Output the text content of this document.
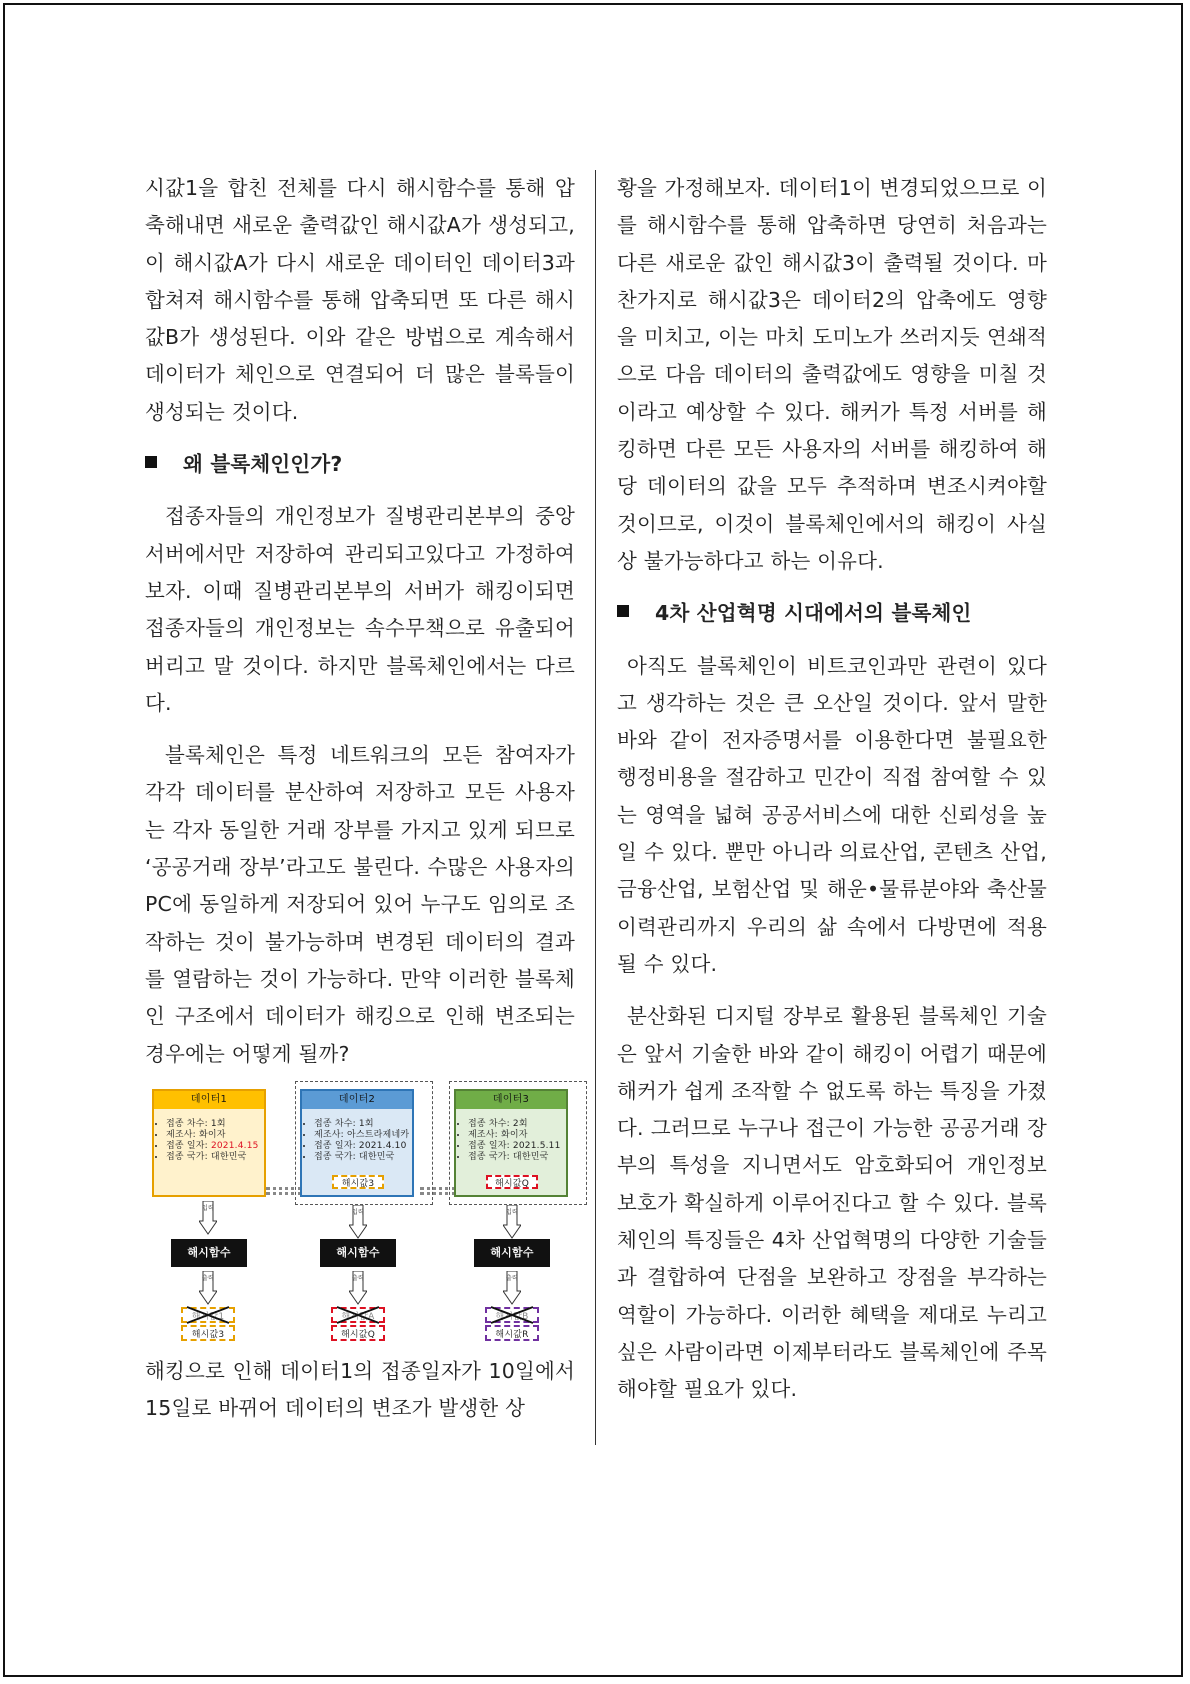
시값1을 합친 전체를 다시 해시함수를 통해 압축해내면 새로운 출력값인 해시값A가 생성되고, 이 해시값A가 다시 새로운 데이터인 데이터3과 합쳐져 해시함수를 통해 압축되면 또 다른 해시값B가 생성된다. 이와 같은 방법으로 계속해서 데이터가 체인으로 연결되어 더 많은 블록들이 생성되는 것이다.

왜 블록체인인가?

접종자들의 개인정보가 질병관리본부의 중앙 서버에서만 저장하여 관리되고있다고 가정하여 보자. 이때 질병관리본부의 서버가 해킹이되면 접종자들의 개인정보는 속수무책으로 유출되어 버리고 말 것이다. 하지만 블록체인에서는 다르다.

블록체인은 특정 네트워크의 모든 참여자가 각각 데이터를 분산하여 저장하고 모든 사용자는 각자 동일한 거래 장부를 가지고 있게 되므로 ‘공공거래 장부’라고도 불린다. 수많은 사용자의 PC에 동일하게 저장되어 있어 누구도 임의로 조작하는 것이 불가능하며 변경된 데이터의 결과를 열람하는 것이 가능하다. 만약 이러한 블록체인 구조에서 데이터가 해킹으로 인해 변조되는 경우에는 어떻게 될까?

데이터1
• 접종 차수: 1회
• 제조사: 화이자
• 접종 일자: 2021.4.15
• 접종 국가: 대한민국
데이터2
• 접종 차수: 1회
• 제조사: 아스트라제네카
• 접종 일자: 2021.4.10
• 접종 국가: 대한민국
해시값3
데이터3
• 접종 차수: 2회
• 제조사: 화이자
• 접종 일자: 2021.5.11
• 접종 국가: 대한민국
해시값Q
입력
입력	입력
해시함수	해시함수	해시함수
출력	출력	출력
해시값1
해시값3
해시값A
해시값Q
해시값B
해시값R

해킹으로 인해 데이터1의 접종일자가 10일에서 15일로 바뀌어 데이터의 변조가 발생한 상

황을 가정해보자. 데이터1이 변경되었으므로 이를 해시함수를 통해 압축하면 당연히 처음과는 다른 새로운 값인 해시값3이 출력될 것이다. 마찬가지로 해시값3은 데이터2의 압축에도 영향을 미치고, 이는 마치 도미노가 쓰러지듯 연쇄적으로 다음 데이터의 출력값에도 영향을 미칠 것이라고 예상할 수 있다. 해커가 특정 서버를 해킹하면 다른 모든 사용자의 서버를 해킹하여 해당 데이터의 값을 모두 추적하며 변조시켜야할 것이므로, 이것이 블록체인에서의 해킹이 사실상 불가능하다고 하는 이유다.

4차 산업혁명 시대에서의 블록체인

아직도 블록체인이 비트코인과만 관련이 있다고 생각하는 것은 큰 오산일 것이다. 앞서 말한 바와 같이 전자증명서를 이용한다면 불필요한 행정비용을 절감하고 민간이 직접 참여할 수 있는 영역을 넓혀 공공서비스에 대한 신뢰성을 높일 수 있다. 뿐만 아니라 의료산업, 콘텐츠 산업, 금융산업, 보험산업 및 해운•물류분야와 축산물 이력관리까지 우리의 삶 속에서 다방면에 적용될 수 있다.

분산화된 디지털 장부로 활용된 블록체인 기술은 앞서 기술한 바와 같이 해킹이 어렵기 때문에 해커가 쉽게 조작할 수 없도록 하는 특징을 가졌다. 그러므로 누구나 접근이 가능한 공공거래 장부의 특성을 지니면서도 암호화되어 개인정보 보호가 확실하게 이루어진다고 할 수 있다. 블록체인의 특징들은 4차 산업혁명의 다양한 기술들과 결합하여 단점을 보완하고 장점을 부각하는 역할이 가능하다. 이러한 혜택을 제대로 누리고 싶은 사람이라면 이제부터라도 블록체인에 주목해야할 필요가 있다.
